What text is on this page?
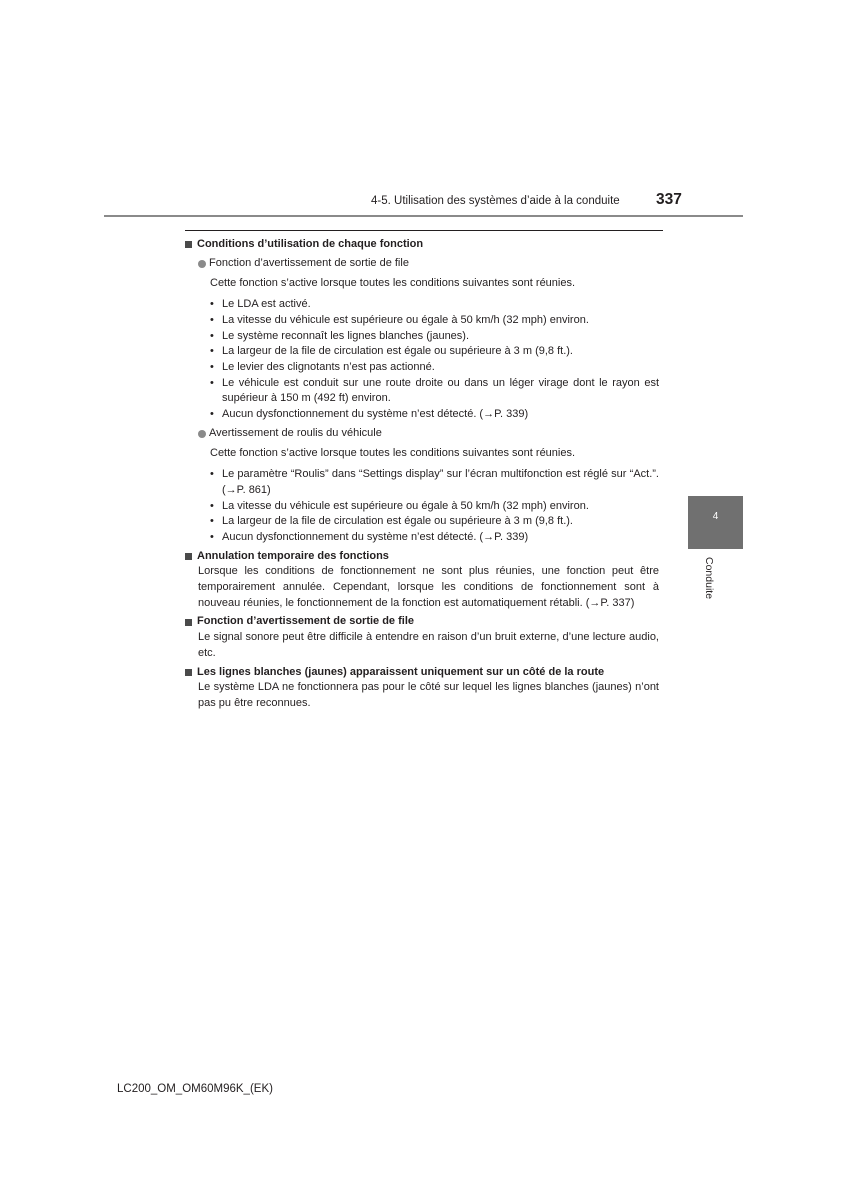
4-5. Utilisation des systèmes d’aide à la conduite 337
4
Conduite
Conditions d’utilisation de chaque fonction
Fonction d’avertissement de sortie de file
Cette fonction s’active lorsque toutes les conditions suivantes sont réunies.
• Le LDA est activé.
• La vitesse du véhicule est supérieure ou égale à 50 km/h (32 mph) environ.
• Le système reconnaît les lignes blanches (jaunes).
• La largeur de la file de circulation est égale ou supérieure à 3 m (9,8 ft.).
• Le levier des clignotants n’est pas actionné.
• Le véhicule est conduit sur une route droite ou dans un léger virage dont le rayon est supérieur à 150 m (492 ft) environ.
• Aucun dysfonctionnement du système n’est détecté. (→P. 339)
Avertissement de roulis du véhicule
Cette fonction s’active lorsque toutes les conditions suivantes sont réunies.
• Le paramètre “Roulis” dans “Settings display” sur l’écran multifonction est réglé sur “Act.”. (→P. 861)
• La vitesse du véhicule est supérieure ou égale à 50 km/h (32 mph) environ.
• La largeur de la file de circulation est égale ou supérieure à 3 m (9,8 ft.).
• Aucun dysfonctionnement du système n’est détecté. (→P. 339)
Annulation temporaire des fonctions
Lorsque les conditions de fonctionnement ne sont plus réunies, une fonction peut être temporairement annulée. Cependant, lorsque les conditions de fonctionnement sont à nouveau réunies, le fonctionnement de la fonction est automatiquement rétabli. (→P. 337)
Fonction d’avertissement de sortie de file
Le signal sonore peut être difficile à entendre en raison d’un bruit externe, d’une lecture audio, etc.
Les lignes blanches (jaunes) apparaissent uniquement sur un côté de la route
Le système LDA ne fonctionnera pas pour le côté sur lequel les lignes blanches (jaunes) n’ont pas pu être reconnues.
LC200_OM_OM60M96K_(EK)
